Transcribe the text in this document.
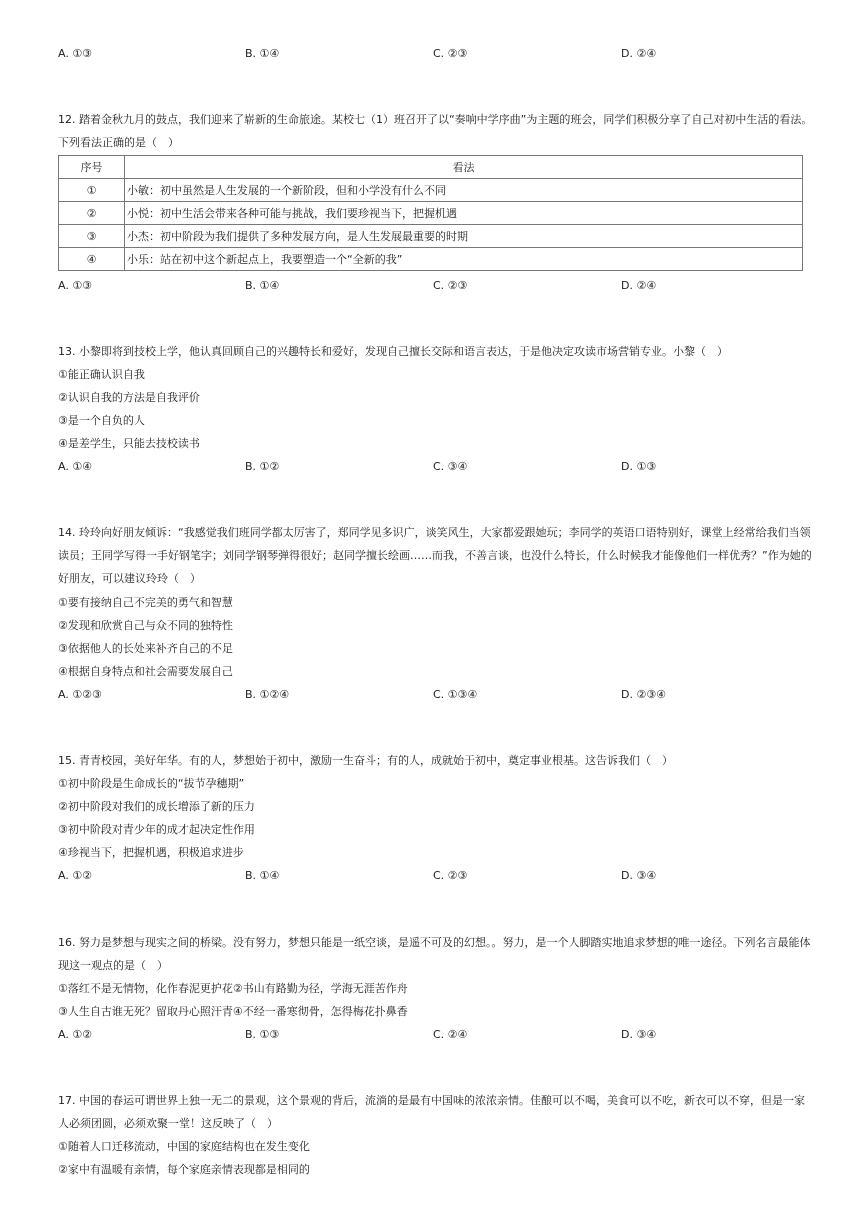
A. ①③	B. ①④	C. ②③	D. ②④
12. 踏着金秋九月的鼓点，我们迎来了崭新的生命旅途。某校七（1）班召开了以“奏响中学序曲”为主题的班会，同学们积极分享了自己对初中生活的看法。下列看法正确的是（　）
序号	看法
①	小敏：初中虽然是人生发展的一个新阶段，但和小学没有什么不同
②	小悦：初中生活会带来各种可能与挑战，我们要珍视当下，把握机遇
③	小杰：初中阶段为我们提供了多种发展方向，是人生发展最重要的时期
④	小乐：站在初中这个新起点上，我要塑造一个“全新的我”
A. ①③	B. ①④	C. ②③	D. ②④
13. 小黎即将到技校上学，他认真回顾自己的兴趣特长和爱好，发现自己擅长交际和语言表达，于是他决定攻读市场营销专业。小黎（　）
①能正确认识自我
②认识自我的方法是自我评价
③是一个自负的人
④是差学生，只能去技校读书
A. ①④	B. ①②	C. ③④	D. ①③
14. 玲玲向好朋友倾诉：“我感觉我们班同学都太厉害了，郑同学见多识广，谈笑风生，大家都爱跟她玩；李同学的英语口语特别好，课堂上经常给我们当领读员；王同学写得一手好钢笔字；刘同学钢琴弹得很好；赵同学擅长绘画……而我，不善言谈，也没什么特长，什么时候我才能像他们一样优秀？”作为她的好朋友，可以建议玲玲（　）
①要有接纳自己不完美的勇气和智慧
②发现和欣赏自己与众不同的独特性
③依据他人的长处来补齐自己的不足
④根据自身特点和社会需要发展自己
A. ①②③	B. ①②④	C. ①③④	D. ②③④
15. 青青校园，美好年华。有的人，梦想始于初中，激励一生奋斗；有的人，成就始于初中，奠定事业根基。这告诉我们（　）
①初中阶段是生命成长的“拔节孕穗期”
②初中阶段对我们的成长增添了新的压力
③初中阶段对青少年的成才起决定性作用
④珍视当下，把握机遇，积极追求进步
A. ①②	B. ①④	C. ②③	D. ③④
16. 努力是梦想与现实之间的桥梁。没有努力，梦想只能是一纸空谈，是遥不可及的幻想。。努力，是一个人脚踏实地追求梦想的唯一途径。下列名言最能体现这一观点的是（　）
①落红不是无情物，化作春泥更护花②书山有路勤为径，学海无涯苦作舟
③人生自古谁无死？留取丹心照汗青④不经一番寒彻骨，怎得梅花扑鼻香
A. ①②	B. ①③	C. ②④	D. ③④
17. 中国的春运可谓世界上独一无二的景观，这个景观的背后，流淌的是最有中国味的浓浓亲情。佳酿可以不喝，美食可以不吃，新衣可以不穿，但是一家人必须团圆，必须欢聚一堂！这反映了（　）
①随着人口迁移流动，中国的家庭结构也在发生变化
②家中有温暖有亲情，每个家庭亲情表现都是相同的
